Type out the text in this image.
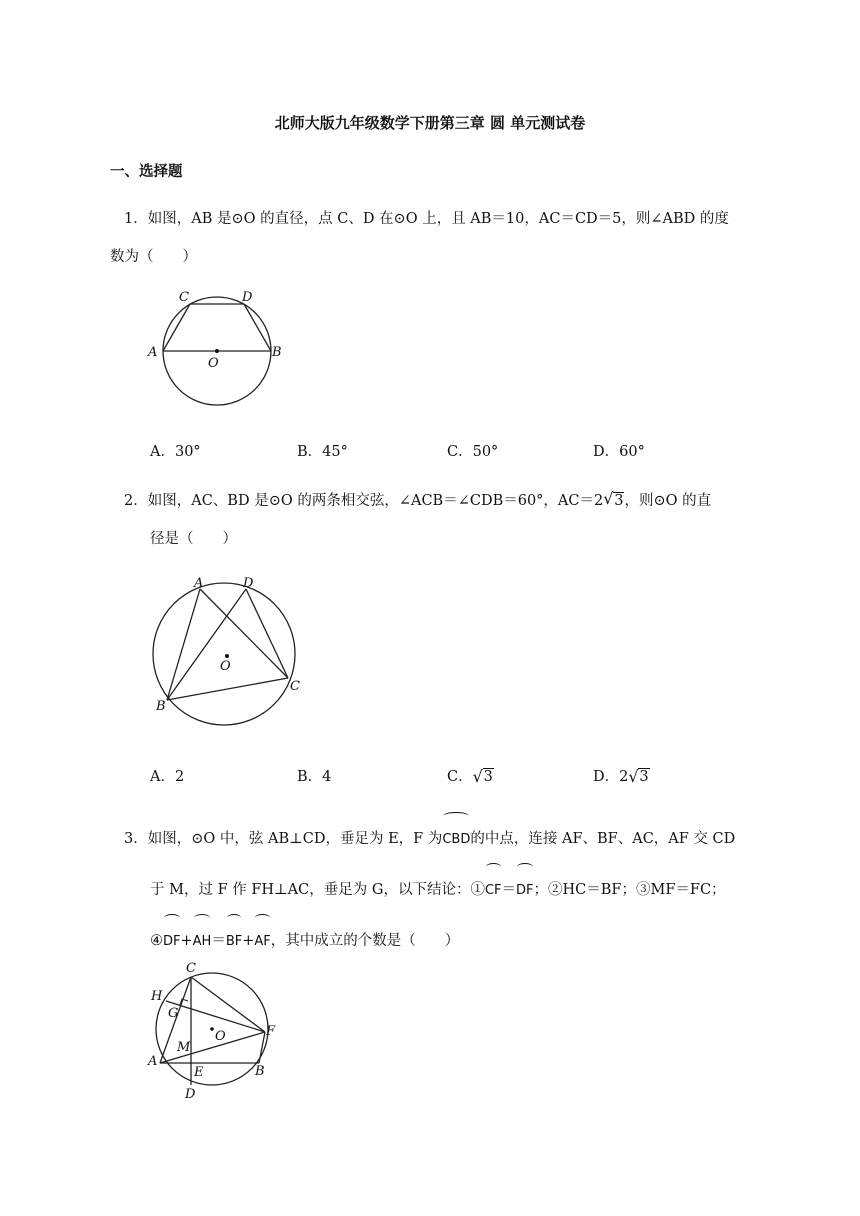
北师大版九年级数学下册第三章 圆 单元测试卷
一、选择题
1．如图，AB 是⊙O 的直径，点 C、D 在⊙O 上，且 AB＝10，AC＝CD＝5，则∠ABD 的度
数为（　　）
C	D
A
O
B
A．30°	B．45°	C．50°	D．60°
2．如图，AC、BD 是⊙O 的两条相交弦，∠ACB＝∠CDB＝60°，AC＝2 √ 3，则⊙O 的直
径是（　　）
A	D
O
C
B
A．2	B．4	C． √ 3	D．2 √ 3
3．如图，⊙O 中，弦 AB⊥CD，垂足为 E，F 为CBD的中点，连接 AF、BF、AC，AF 交 CD
于 M，过 F 作 FH⊥AC，垂足为 G，以下结论：①CF＝DF；②HC＝BF；③MF＝FC；
④DF+AH＝BF+AF，其中成立的个数是（　　）
C
H
G
O	F
M
A
E	B
D
